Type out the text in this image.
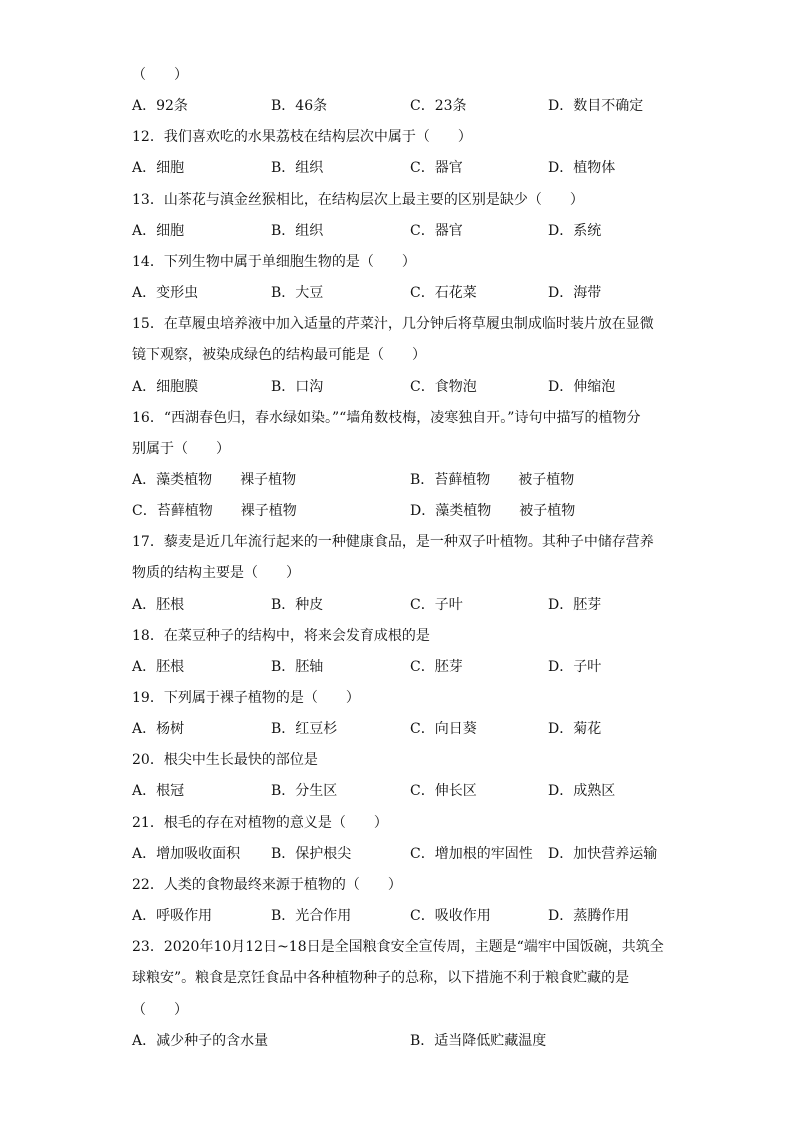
（　　）
A．92条	B．46条	C．23条	D．数目不确定
12．我们喜欢吃的水果荔枝在结构层次中属于（　　）
A．细胞	B．组织	C．器官	D．植物体
13．山茶花与滇金丝猴相比，在结构层次上最主要的区别是缺少（　　）
A．细胞	B．组织	C．器官	D．系统
14．下列生物中属于单细胞生物的是（　　）
A．变形虫	B．大豆	C．石花菜	D．海带
15．在草履虫培养液中加入适量的芹菜汁，几分钟后将草履虫制成临时装片放在显微
镜下观察，被染成绿色的结构最可能是（　　）
A．细胞膜	B．口沟	C．食物泡	D．伸缩泡
16．“西湖春色归，春水绿如染。”“墙角数枝梅，凌寒独自开。”诗句中描写的植物分
别属于（　　）
A．藻类植物　　裸子植物	B．苔藓植物　　被子植物
C．苔藓植物　　裸子植物	D．藻类植物　　被子植物
17．藜麦是近几年流行起来的一种健康食品，是一种双子叶植物。其种子中储存营养
物质的结构主要是（　　）
A．胚根	B．种皮	C．子叶	D．胚芽
18．在菜豆种子的结构中，将来会发育成根的是
A．胚根	B．胚轴	C．胚芽	D．子叶
19．下列属于裸子植物的是（　　）
A．杨树	B．红豆杉	C．向日葵	D．菊花
20．根尖中生长最快的部位是
A．根冠	B．分生区	C．伸长区	D．成熟区
21．根毛的存在对植物的意义是（　　）
A．增加吸收面积 B．保护根尖	C．增加根的牢固性 D．加快营养运输
22．人类的食物最终来源于植物的（　　）
A．呼吸作用	B．光合作用	C．吸收作用	D．蒸腾作用
23．2020年10月12日~18日是全国粮食安全宣传周，主题是“端牢中国饭碗，共筑全
球粮安”。粮食是烹饪食品中各种植物种子的总称，以下措施不利于粮食贮藏的是
（　　）
A．减少种子的含水量	B．适当降低贮藏温度
